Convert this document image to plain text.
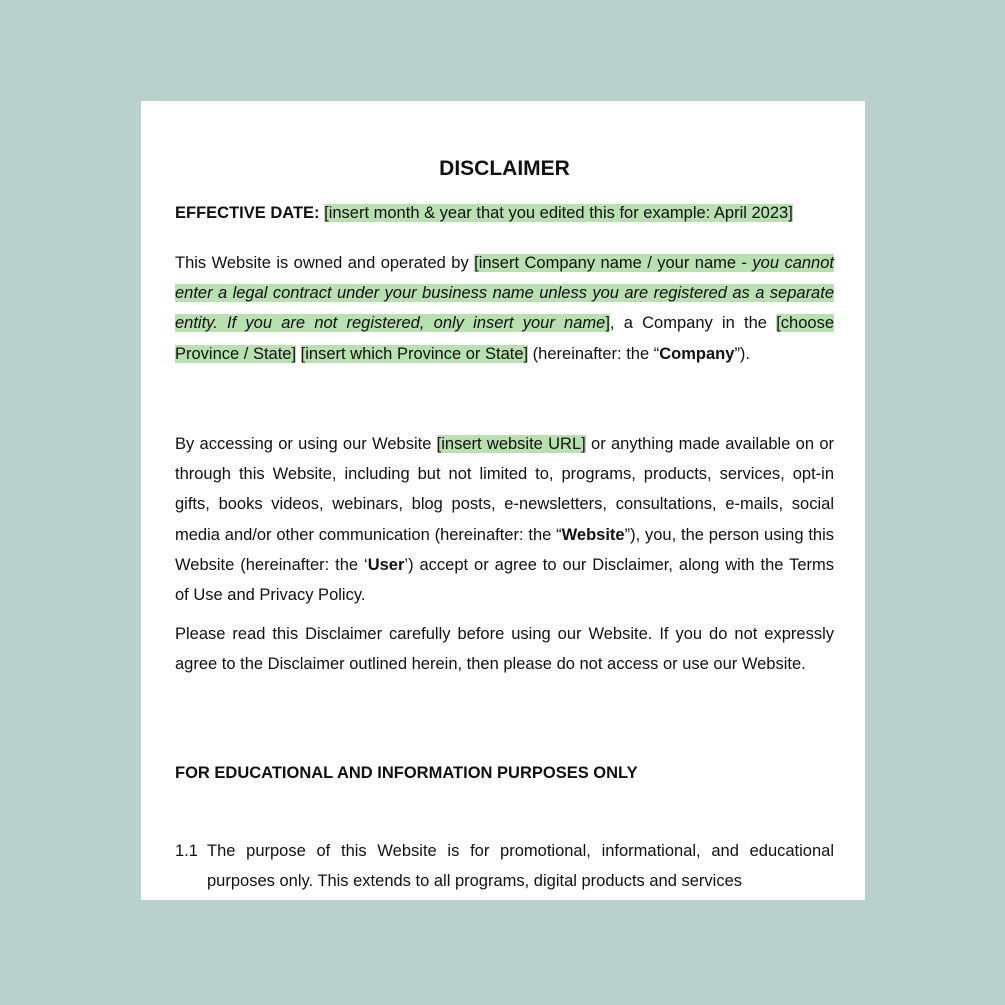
DISCLAIMER
EFFECTIVE DATE: [insert month & year that you edited this for example: April 2023]
This Website is owned and operated by [insert Company name / your name - you cannot enter a legal contract under your business name unless you are registered as a separate entity. If you are not registered, only insert your name], a Company in the [choose Province / State] [insert which Province or State] (hereinafter: the “Company”).
By accessing or using our Website [insert website URL] or anything made available on or through this Website, including but not limited to, programs, products, services, opt-in gifts, books videos, webinars, blog posts, e-newsletters, consultations, e-mails, social media and/or other communication (hereinafter: the “Website”), you, the person using this Website (hereinafter: the ‘User’) accept or agree to our Disclaimer, along with the Terms of Use and Privacy Policy.
Please read this Disclaimer carefully before using our Website. If you do not expressly agree to the Disclaimer outlined herein, then please do not access or use our Website.
FOR EDUCATIONAL AND INFORMATION PURPOSES ONLY
1.1 The purpose of this Website is for promotional, informational, and educational purposes only. This extends to all programs, digital products and services
